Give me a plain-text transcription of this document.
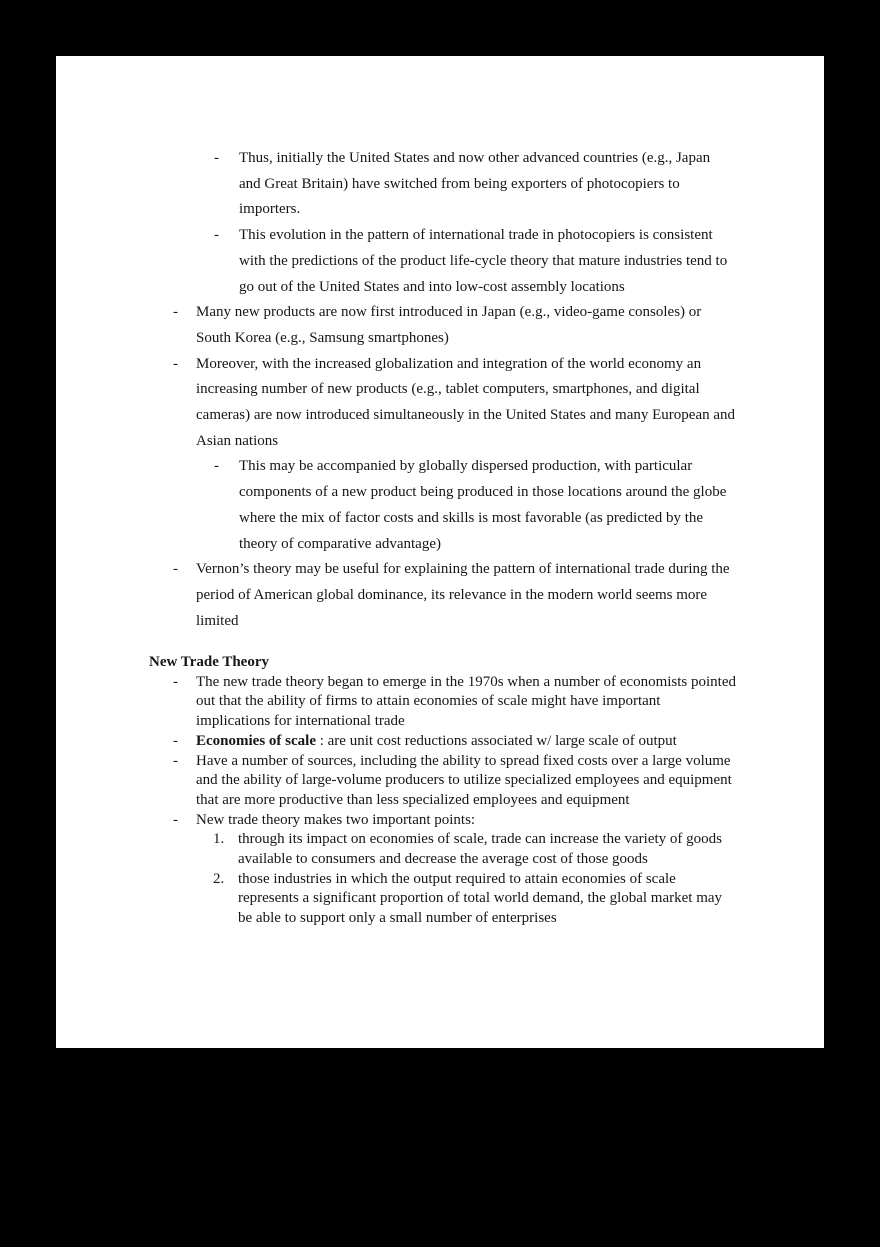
- Thus, initially the United States and now other advanced countries (e.g., Japan
and Great Britain) have switched from being exporters of photocopiers to
importers.
- This evolution in the pattern of international trade in photocopiers is consistent
with the predictions of the product life-cycle theory that mature industries tend to
go out of the United States and into low-cost assembly locations
- Many new products are now first introduced in Japan (e.g., video-game consoles) or
South Korea (e.g., Samsung smartphones)
- Moreover, with the increased globalization and integration of the world economy an
increasing number of new products (e.g., tablet computers, smartphones, and digital
cameras) are now introduced simultaneously in the United States and many European and
Asian nations
- This may be accompanied by globally dispersed production, with particular
components of a new product being produced in those locations around the globe
where the mix of factor costs and skills is most favorable (as predicted by the
theory of comparative advantage)
- Vernon’s theory may be useful for explaining the pattern of international trade during the
period of American global dominance, its relevance in the modern world seems more
limited
New Trade Theory
- The new trade theory began to emerge in the 1970s when a number of economists pointed
out that the ability of firms to attain economies of scale might have important
implications for international trade
- Economies of scale : are unit cost reductions associated w/ large scale of output
- Have a number of sources, including the ability to spread fixed costs over a large volume
and the ability of large-volume producers to utilize specialized employees and equipment
that are more productive than less specialized employees and equipment
- New trade theory makes two important points:
1. through its impact on economies of scale, trade can increase the variety of goods
available to consumers and decrease the average cost of those goods
2. those industries in which the output required to attain economies of scale
represents a significant proportion of total world demand, the global market may
be able to support only a small number of enterprises
